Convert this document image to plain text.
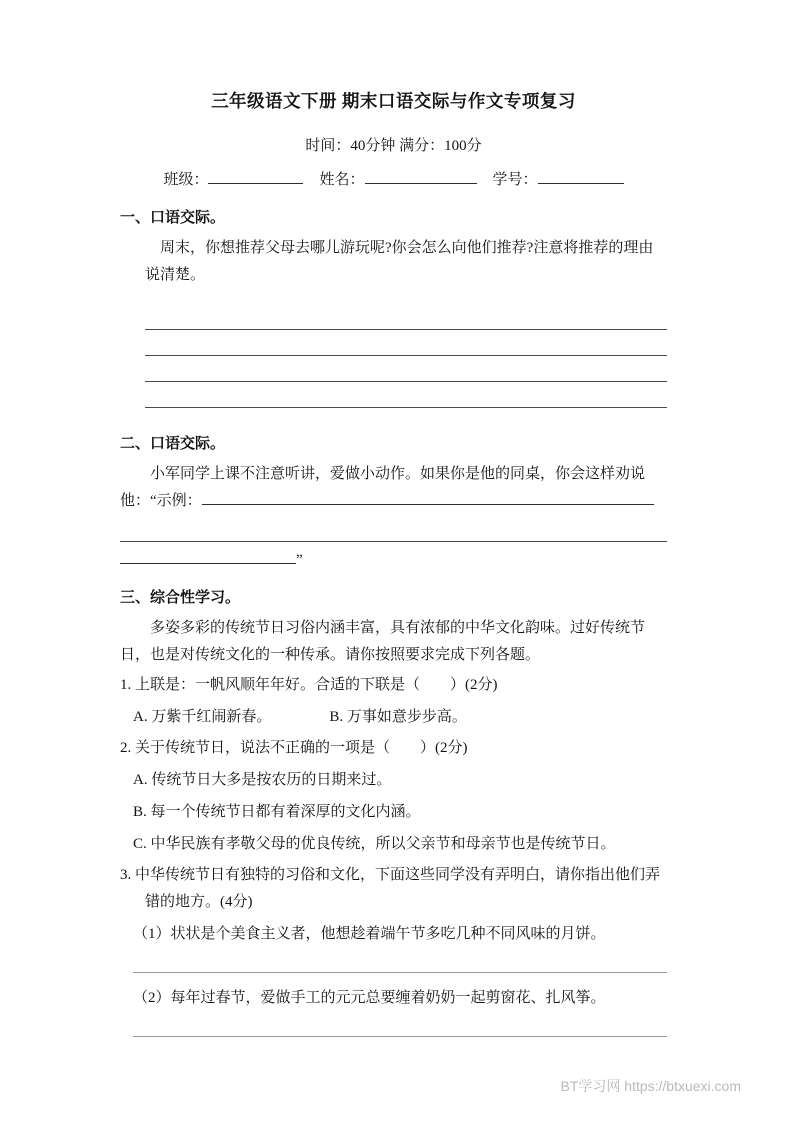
三年级语文下册 期末口语交际与作文专项复习
时间：40分钟 满分：100分
班级：	姓名：	学号：
一、口语交际。

周末，你想推荐父母去哪儿游玩呢?你会怎么向他们推荐?注意将推荐的理由说清楚。

二、口语交际。

小军同学上课不注意听讲，爱做小动作。如果你是他的同桌，你会这样劝说

他：“示例：
”
三、综合性学习。

多姿多彩的传统节日习俗内涵丰富，具有浓郁的中华文化韵味。过好传统节日，也是对传统文化的一种传承。请你按照要求完成下列各题。

1. 上联是：一帆风顺年年好。合适的下联是（　　）(2分)

A. 万紫千红闹新春。	B. 万事如意步步高。

2. 关于传统节日，说法不正确的一项是（　　）(2分)

A. 传统节日大多是按农历的日期来过。
B. 每一个传统节日都有着深厚的文化内涵。
C. 中华民族有孝敬父母的优良传统，所以父亲节和母亲节也是传统节日。

3. 中华传统节日有独特的习俗和文化，下面这些同学没有弄明白，请你指出他们弄错的地方。(4分)

（1）状状是个美食主义者，他想趁着端午节多吃几种不同风味的月饼。
（2）每年过春节，爱做手工的元元总要缠着奶奶一起剪窗花、扎风筝。
BT学习网 https://btxuexi.com
